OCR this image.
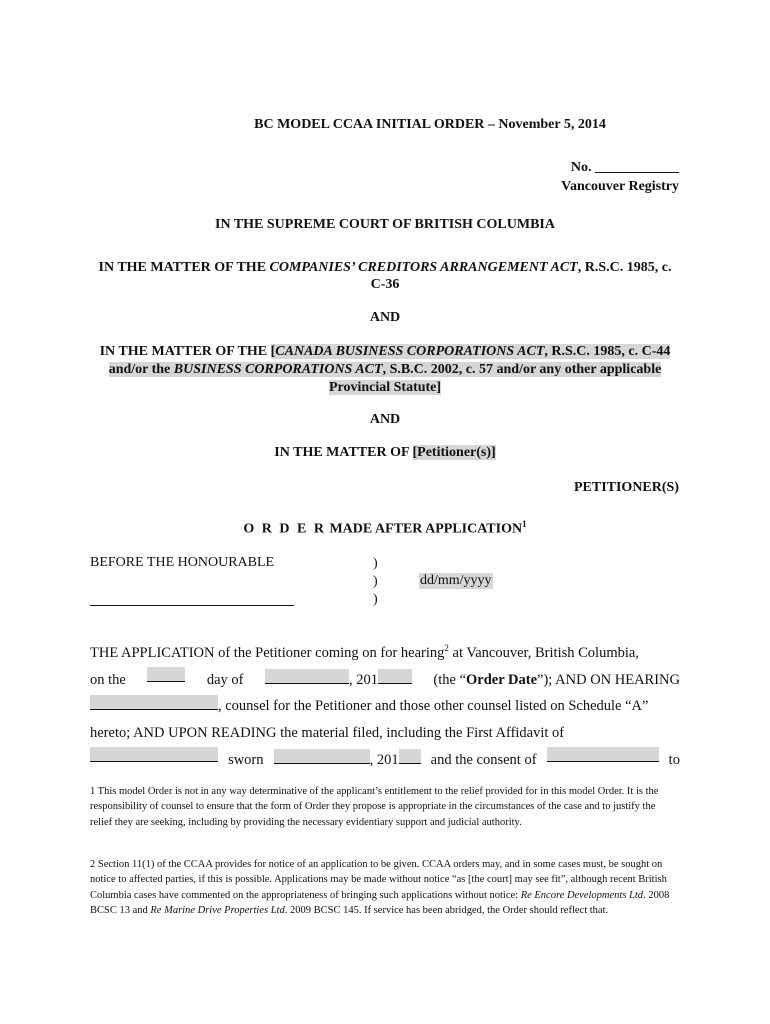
BC MODEL CCAA INITIAL ORDER – November 5, 2014
No. ____________
Vancouver Registry
IN THE SUPREME COURT OF BRITISH COLUMBIA
IN THE MATTER OF THE COMPANIES’ CREDITORS ARRANGEMENT ACT, R.S.C. 1985, c. C-36
AND
IN THE MATTER OF THE [CANADA BUSINESS CORPORATIONS ACT, R.S.C. 1985, c. C-44 and/or the BUSINESS CORPORATIONS ACT, S.B.C. 2002, c. 57 and/or any other applicable Provincial Statute]
AND
IN THE MATTER OF [Petitioner(s)]
PETITIONER(S)
O R D E R MADE AFTER APPLICATION$^1$
BEFORE THE HONOURABLE	)
)
)
dd/mm/yyyy
THE APPLICATION of the Petitioner coming on for hearing$^2$ at Vancouver, British Columbia,
on the	day of	, 201	(the “Order Date”); AND ON HEARING
, counsel for the Petitioner and those other counsel listed on Schedule “A”
hereto; AND UPON READING the material filed, including the First Affidavit of
sworn	, 201	and the consent of	to
1 This model Order is not in any way determinative of the applicant’s entitlement to the relief provided for in this model Order. It is the responsibility of counsel to ensure that the form of Order they propose is appropriate in the circumstances of the case and to justify the relief they are seeking, including by providing the necessary evidentiary support and judicial authority.
2 Section 11(1) of the CCAA provides for notice of an application to be given. CCAA orders may, and in some cases must, be sought on notice to affected parties, if this is possible. Applications may be made without notice “as [the court] may see fit”, although recent British Columbia cases have commented on the appropriateness of bringing such applications without notice: Re Encore Developments Ltd. 2008 BCSC 13 and Re Marine Drive Properties Ltd. 2009 BCSC 145. If service has been abridged, the Order should reflect that.
